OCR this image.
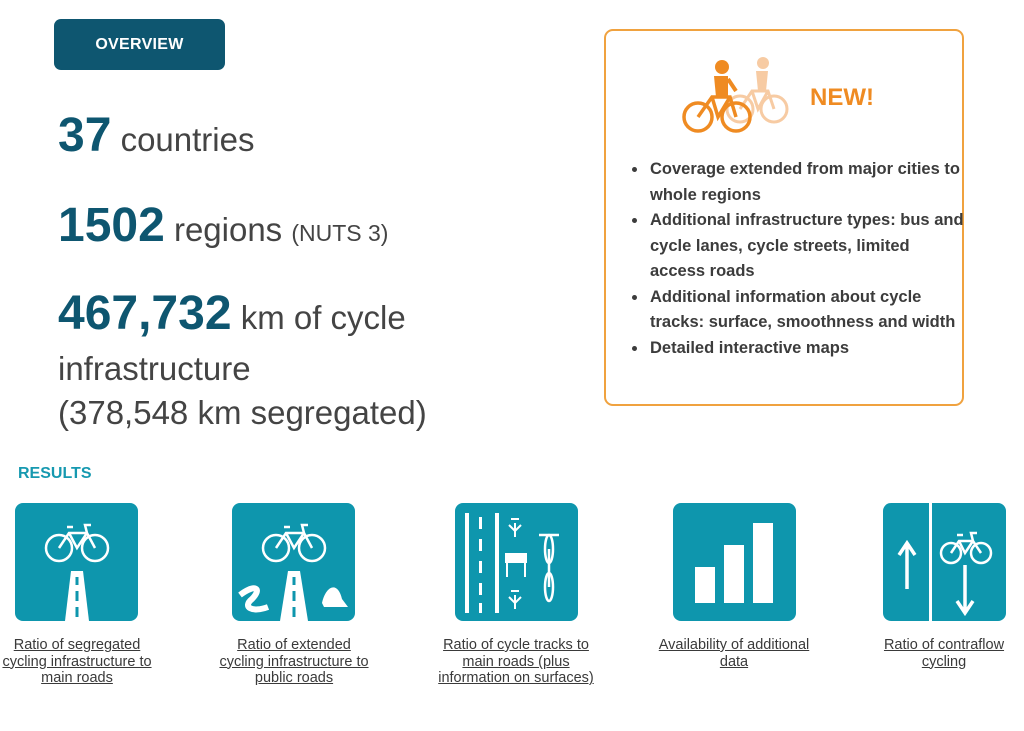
OVERVIEW
37 countries
1502 regions (NUTS 3)
467,732 km of cycle infrastructure
(378,548 km segregated)
NEW!
• Coverage extended from major cities to whole regions
• Additional infrastructure types: bus and cycle lanes, cycle streets, limited access roads
• Additional information about cycle tracks: surface, smoothness and width
• Detailed interactive maps
RESULTS
Ratio of segregated cycling infrastructure to main roads
Ratio of extended cycling infrastructure to public roads
Ratio of cycle tracks to main roads (plus information on surfaces)
Availability of additional data
Ratio of contraflow cycling
